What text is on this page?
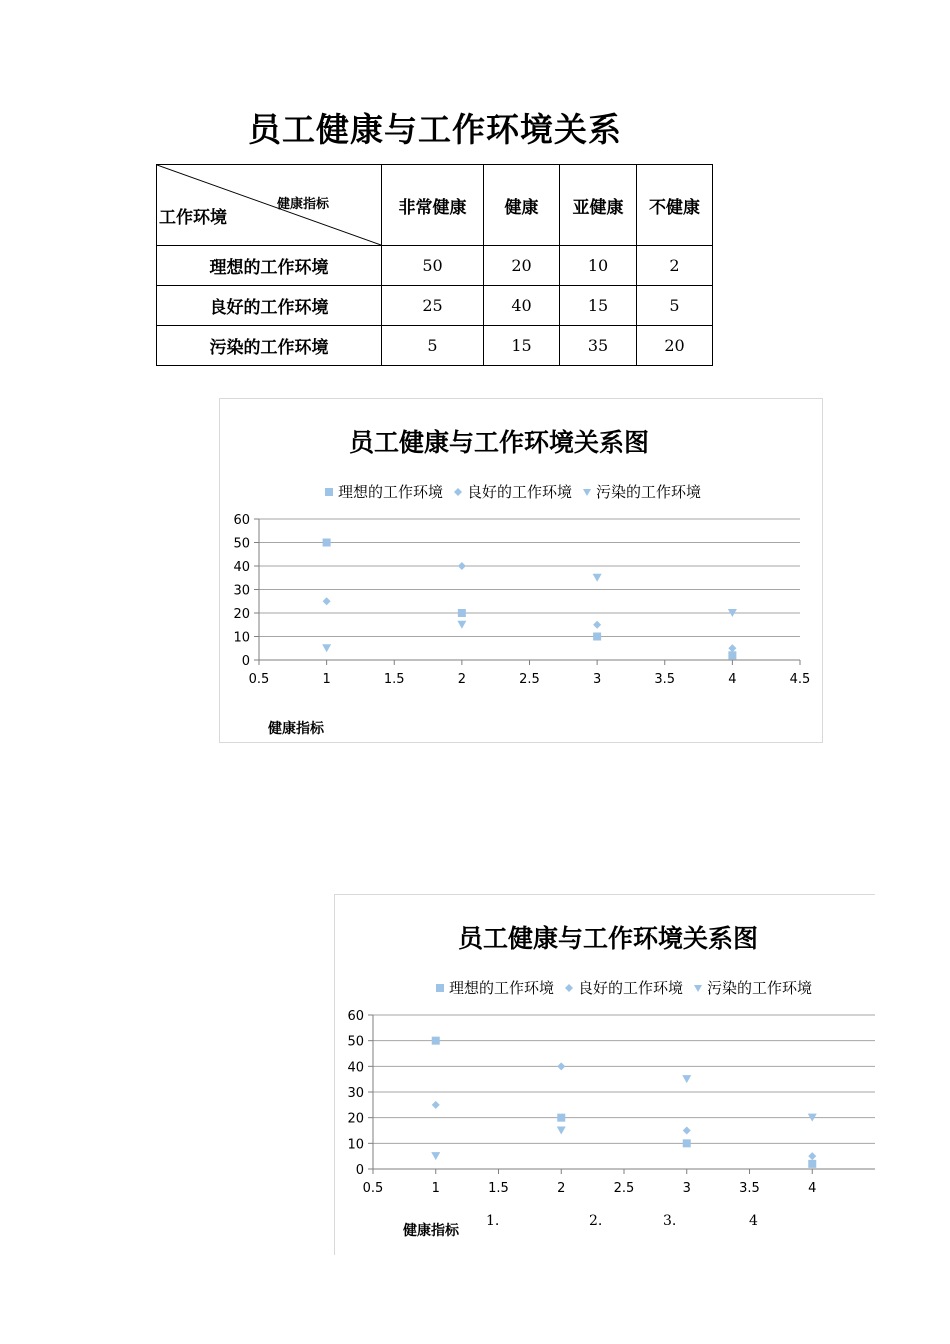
员工健康与工作环境关系
健康指标
工作环境	非常健康	健康	亚健康	不健康
理想的工作环境	50	20	10	2
良好的工作环境	25	40	15	5
污染的工作环境	5	15	35	20
员工健康与工作环境关系图
理想的工作环境 良好的工作环境 污染的工作环境
0
10
20
30
40
50
60
0.5	1	1.5	2	2.5	3	3.5	4	4.5
健康指标
员工健康与工作环境关系图
理想的工作环境 良好的工作环境 污染的工作环境
0
10
20
30
40
50
60
0.5	1	1.5	2	2.5	3	3.5	4
健康指标
1.	2.	3.	4
